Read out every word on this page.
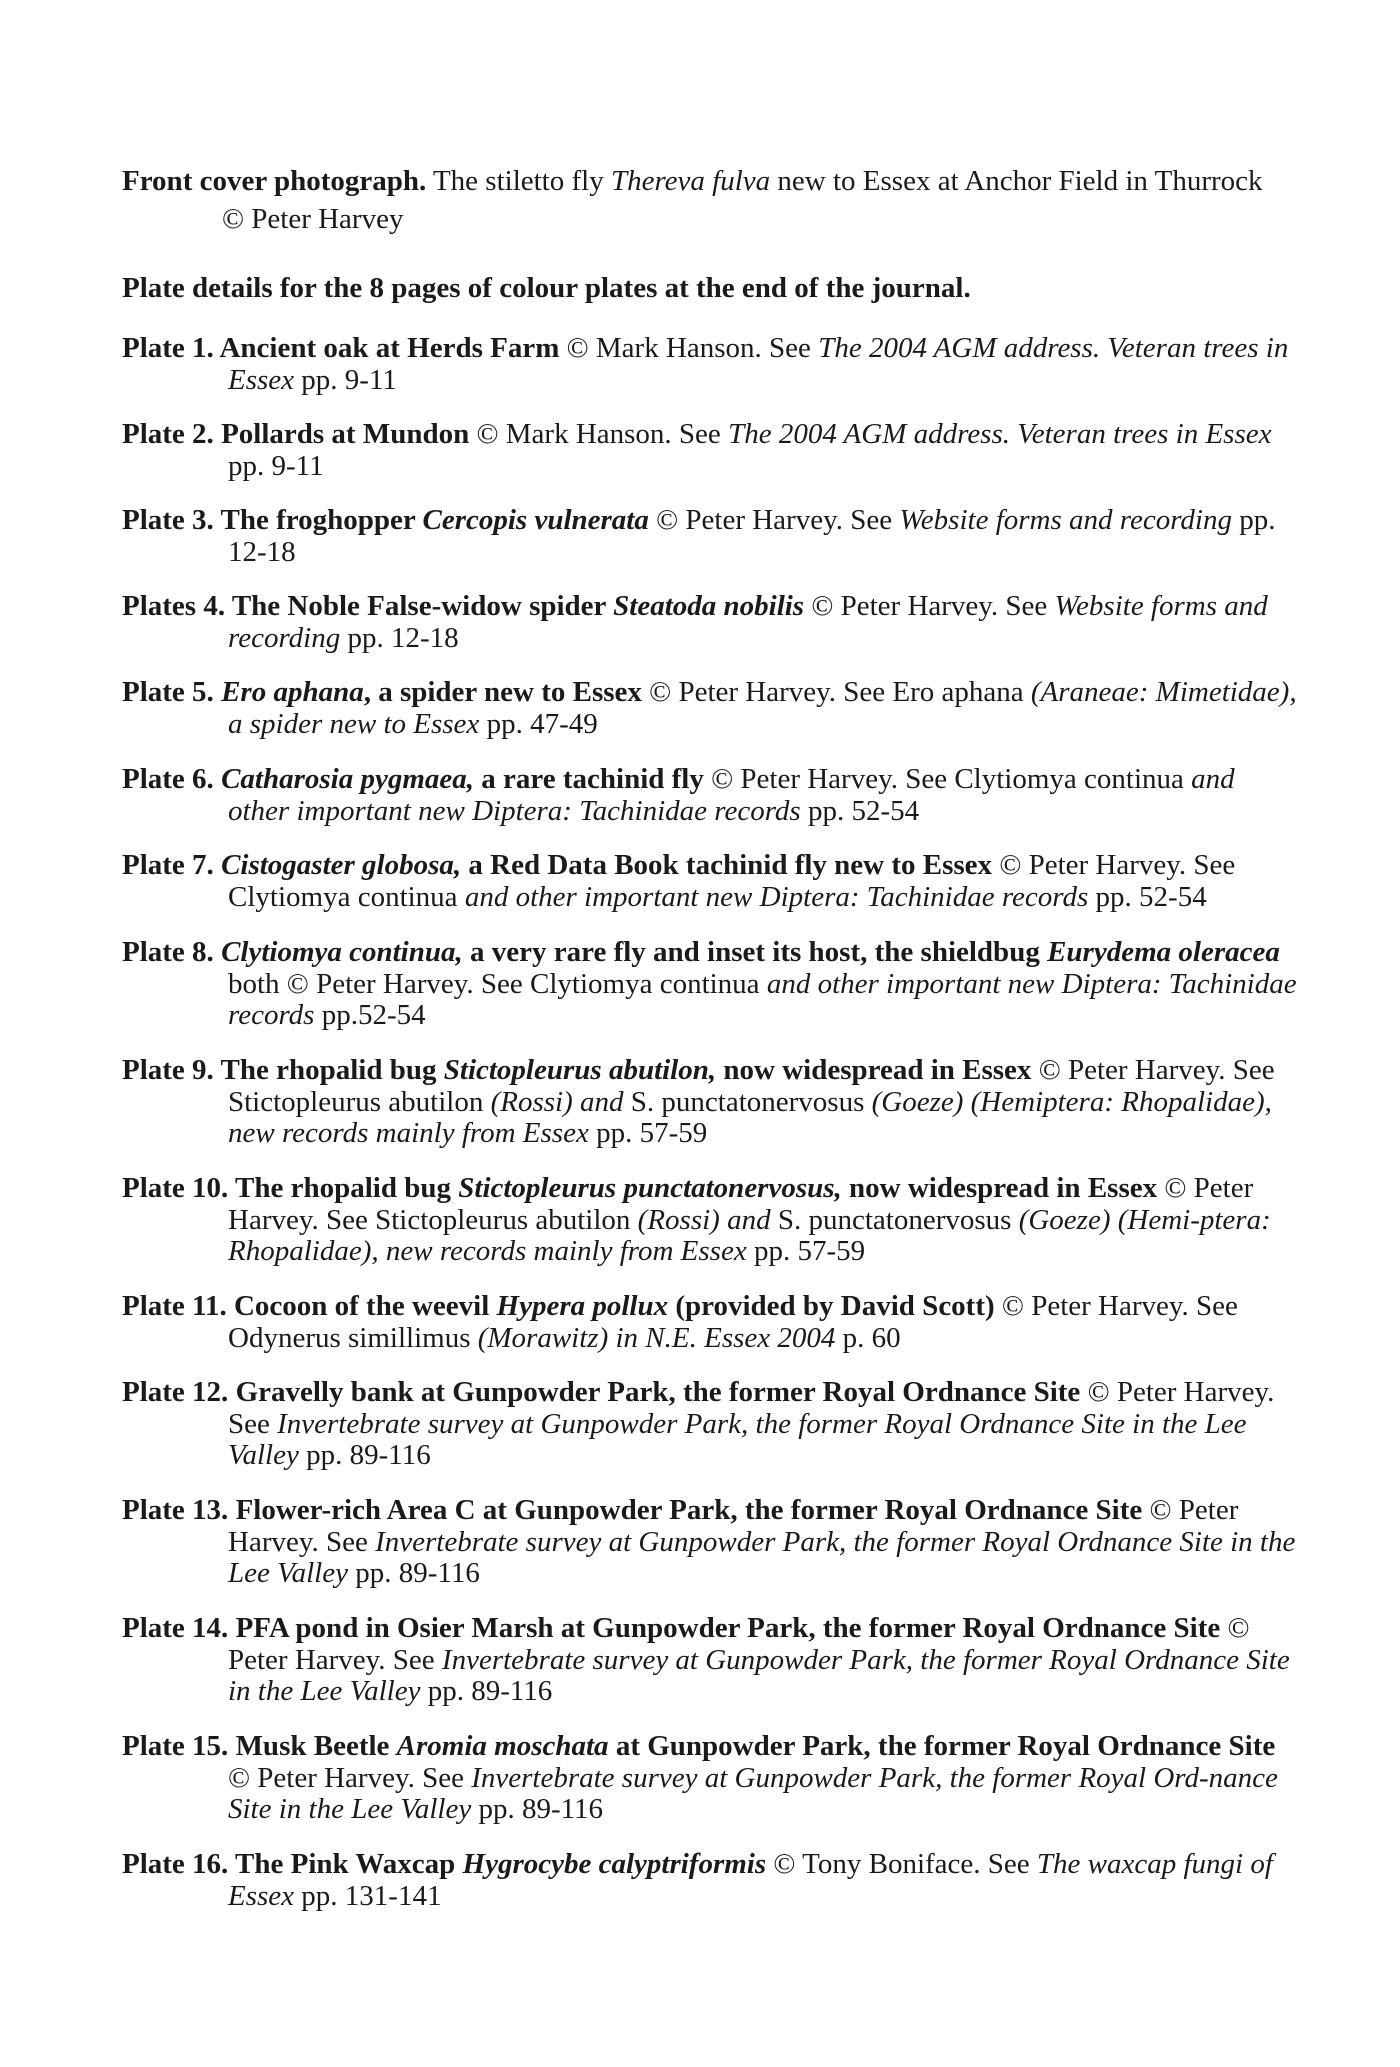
Front cover photograph. The stiletto fly Thereva fulva new to Essex at Anchor Field in Thurrock
© Peter Harvey
Plate details for the 8 pages of colour plates at the end of the journal.
Plate 1. Ancient oak at Herds Farm © Mark Hanson. See The 2004 AGM address. Veteran trees in Essex pp. 9-11
Plate 2. Pollards at Mundon © Mark Hanson. See The 2004 AGM address. Veteran trees in Essex pp. 9-11
Plate 3. The froghopper Cercopis vulnerata © Peter Harvey. See Website forms and recording pp. 12-18
Plates 4. The Noble False-widow spider Steatoda nobilis © Peter Harvey. See Website forms and recording pp. 12-18
Plate 5. Ero aphana, a spider new to Essex © Peter Harvey. See Ero aphana (Araneae: Mimetidae), a spider new to Essex pp. 47-49
Plate 6. Catharosia pygmaea, a rare tachinid fly © Peter Harvey. See Clytiomya continua and other important new Diptera: Tachinidae records pp. 52-54
Plate 7. Cistogaster globosa, a Red Data Book tachinid fly new to Essex © Peter Harvey. See Clytiomya continua and other important new Diptera: Tachinidae records pp. 52-54
Plate 8. Clytiomya continua, a very rare fly and inset its host, the shieldbug Eurydema oleracea both © Peter Harvey. See Clytiomya continua and other important new Diptera: Tachinidae records pp.52-54
Plate 9. The rhopalid bug Stictopleurus abutilon, now widespread in Essex © Peter Harvey. See Stictopleurus abutilon (Rossi) and S. punctatonervosus (Goeze) (Hemiptera: Rhopalidae), new records mainly from Essex pp. 57-59
Plate 10. The rhopalid bug Stictopleurus punctatonervosus, now widespread in Essex © Peter Harvey. See Stictopleurus abutilon (Rossi) and S. punctatonervosus (Goeze) (Hemi-ptera: Rhopalidae), new records mainly from Essex pp. 57-59
Plate 11. Cocoon of the weevil Hypera pollux (provided by David Scott) © Peter Harvey. See Odynerus simillimus (Morawitz) in N.E. Essex 2004 p. 60
Plate 12. Gravelly bank at Gunpowder Park, the former Royal Ordnance Site © Peter Harvey. See Invertebrate survey at Gunpowder Park, the former Royal Ordnance Site in the Lee Valley pp. 89-116
Plate 13. Flower-rich Area C at Gunpowder Park, the former Royal Ordnance Site © Peter Harvey. See Invertebrate survey at Gunpowder Park, the former Royal Ordnance Site in the Lee Valley pp. 89-116
Plate 14. PFA pond in Osier Marsh at Gunpowder Park, the former Royal Ordnance Site © Peter Harvey. See Invertebrate survey at Gunpowder Park, the former Royal Ordnance Site in the Lee Valley pp. 89-116
Plate 15. Musk Beetle Aromia moschata at Gunpowder Park, the former Royal Ordnance Site © Peter Harvey. See Invertebrate survey at Gunpowder Park, the former Royal Ord-nance Site in the Lee Valley pp. 89-116
Plate 16. The Pink Waxcap Hygrocybe calyptriformis © Tony Boniface. See The waxcap fungi of Essex pp. 131-141
